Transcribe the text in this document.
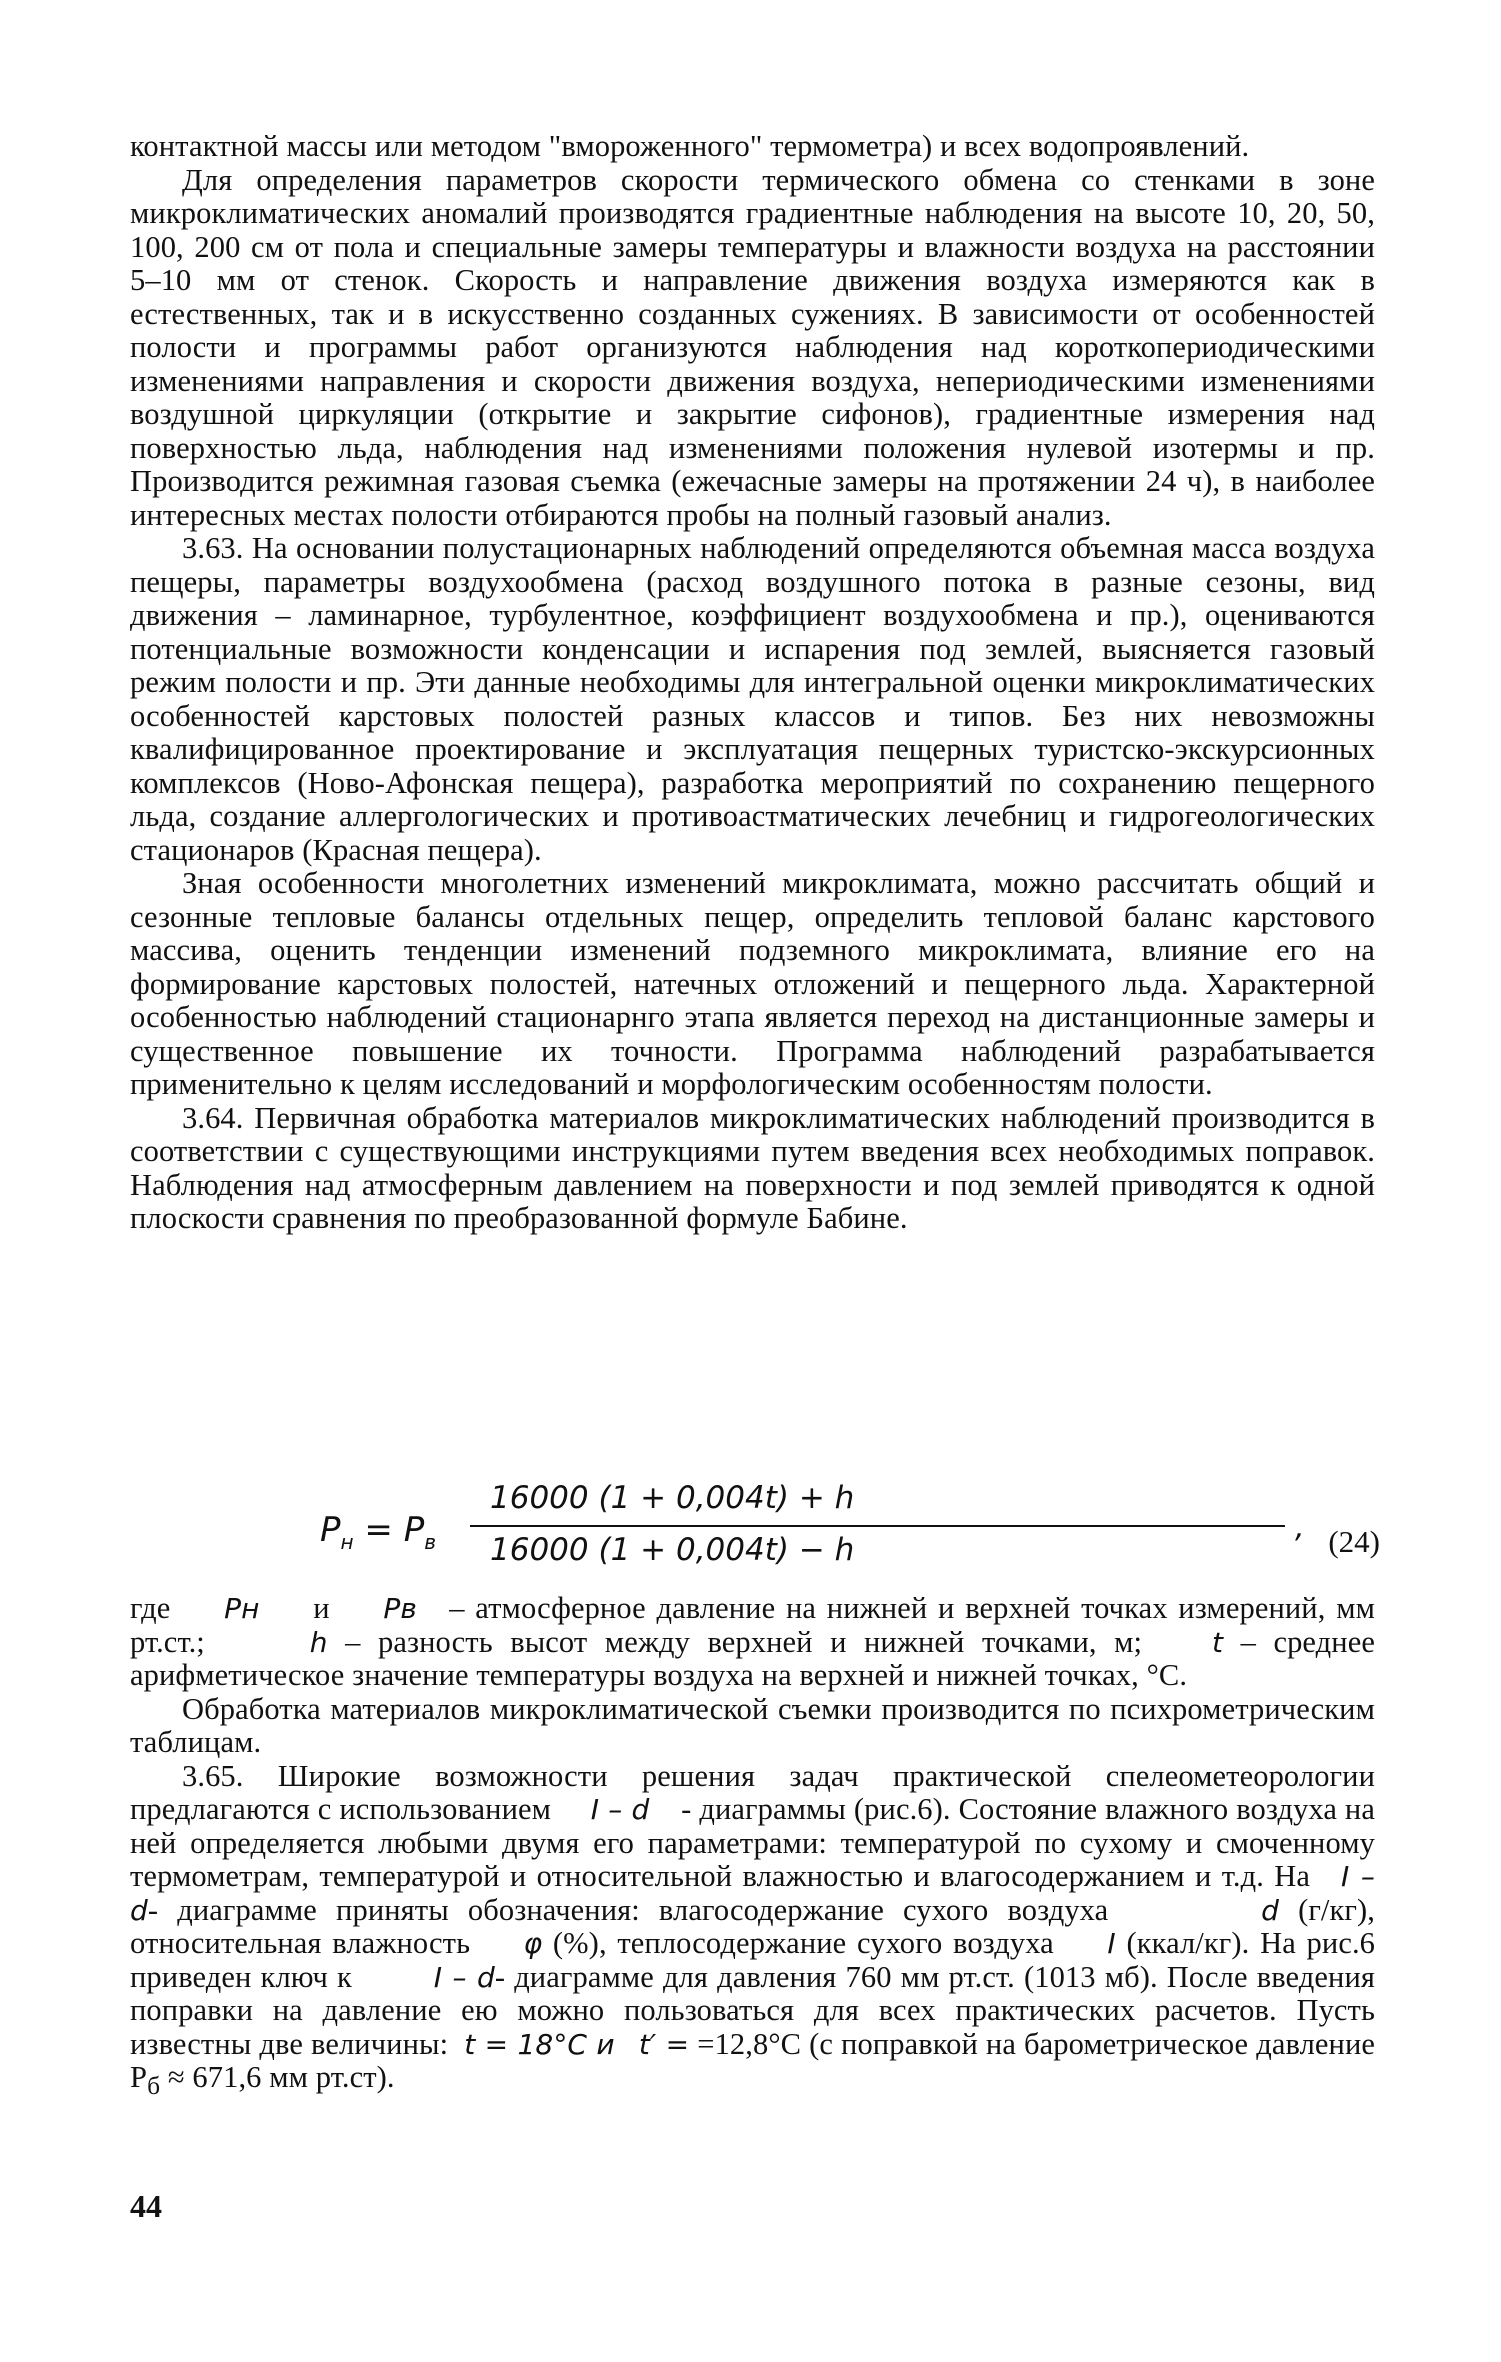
контактной массы или методом "вмороженного" термометра) и всех водопроявлений.

Для определения параметров скорости термического обмена со стенками в зоне микроклиматических аномалий производятся градиентные наблюдения на высоте 10, 20, 50, 100, 200 см от пола и специальные замеры температуры и влажности воздуха на расстоянии 5–10 мм от стенок. Скорость и направление движения воздуха измеряются как в естественных, так и в искусственно созданных сужениях. В зависимости от особенностей полости и программы работ организуются наблюдения над короткопериодическими изменениями направления и скорости движения воздуха, непериодическими изменениями воздушной циркуляции (открытие и закрытие сифонов), градиентные измерения над поверхностью льда, наблюдения над изменениями положения нулевой изотермы и пр. Производится режимная газовая съемка (ежечасные замеры на протяжении 24 ч), в наиболее интересных местах полости отбираются пробы на полный газовый анализ.

3.63. На основании полустационарных наблюдений определяются объемная масса воздуха пещеры, параметры воздухообмена (расход воздушного потока в разные сезоны, вид движения – ламинарное, турбулентное, коэффициент воздухообмена и пр.), оцениваются потенциальные возможности конденсации и испарения под землей, выясняется газовый режим полости и пр. Эти данные необходимы для интегральной оценки микроклиматических особенностей карстовых полостей разных классов и типов. Без них невозможны квалифицированное проектирование и эксплуатация пещерных туристско-экскурсионных комплексов (Ново-Афонская пещера), разработка мероприятий по сохранению пещерного льда, создание аллергологических и противоастматических лечебниц и гидрогеологических стационаров (Красная пещера).

Зная особенности многолетних изменений микроклимата, можно рассчитать общий и сезонные тепловые балансы отдельных пещер, определить тепловой баланс карстового массива, оценить тенденции изменений подземного микроклимата, влияние его на формирование карстовых полостей, натечных отложений и пещерного льда. Характерной особенностью наблюдений стационарнго этапа является переход на дистанционные замеры и существенное повышение их точности. Программа наблюдений разрабатывается применительно к целям исследований и морфологическим особенностям полости.

3.64. Первичная обработка материалов микроклиматических наблюдений производится в соответствии с существующими инструкциями путем введения всех необходимых поправок. Наблюдения над атмосферным давлением на поверхности и под землей приводятся к одной плоскости сравнения по преобразованной формуле Бабине.

$P_н = P_в$
16000 (1 + 0,004t) + h
16000 (1 + 0,004t) − h
, (24)

где Pн и Pв – атмосферное давление на нижней и верхней точках измерений, мм рт.ст.;	h – разность высот между верхней и нижней точками, м; t – среднее арифметическое значение температуры воздуха на верхней и нижней точках, °С.

Обработка материалов микроклиматической съемки производится по психрометрическим таблицам.

3.65. Широкие возможности решения задач практической спелеометеорологии предлагаются с использованием I – d - диаграммы (рис.6). Состояние влажного воздуха на ней определяется любыми двумя его параметрами: температурой по сухому и смоченному термометрам, температурой и относительной влажностью и влагосодержанием и т.д. На I – d- диаграмме приняты обозначения: влагосодержание сухого воздуха	d (г/кг), относительная влажность φ (%), теплосодержание сухого воздуха I (ккал/кг). На рис.6 приведен ключ к	I – d- диаграмме для давления 760 мм рт.ст. (1013 мб). После введения поправки на давление ею можно пользоваться для всех практических расчетов. Пусть известны две величины: t = 18°С и t′ = =12,8°С (с поправкой на барометрическое давление $P_б \approx 671,6$ мм рт.ст).

44
